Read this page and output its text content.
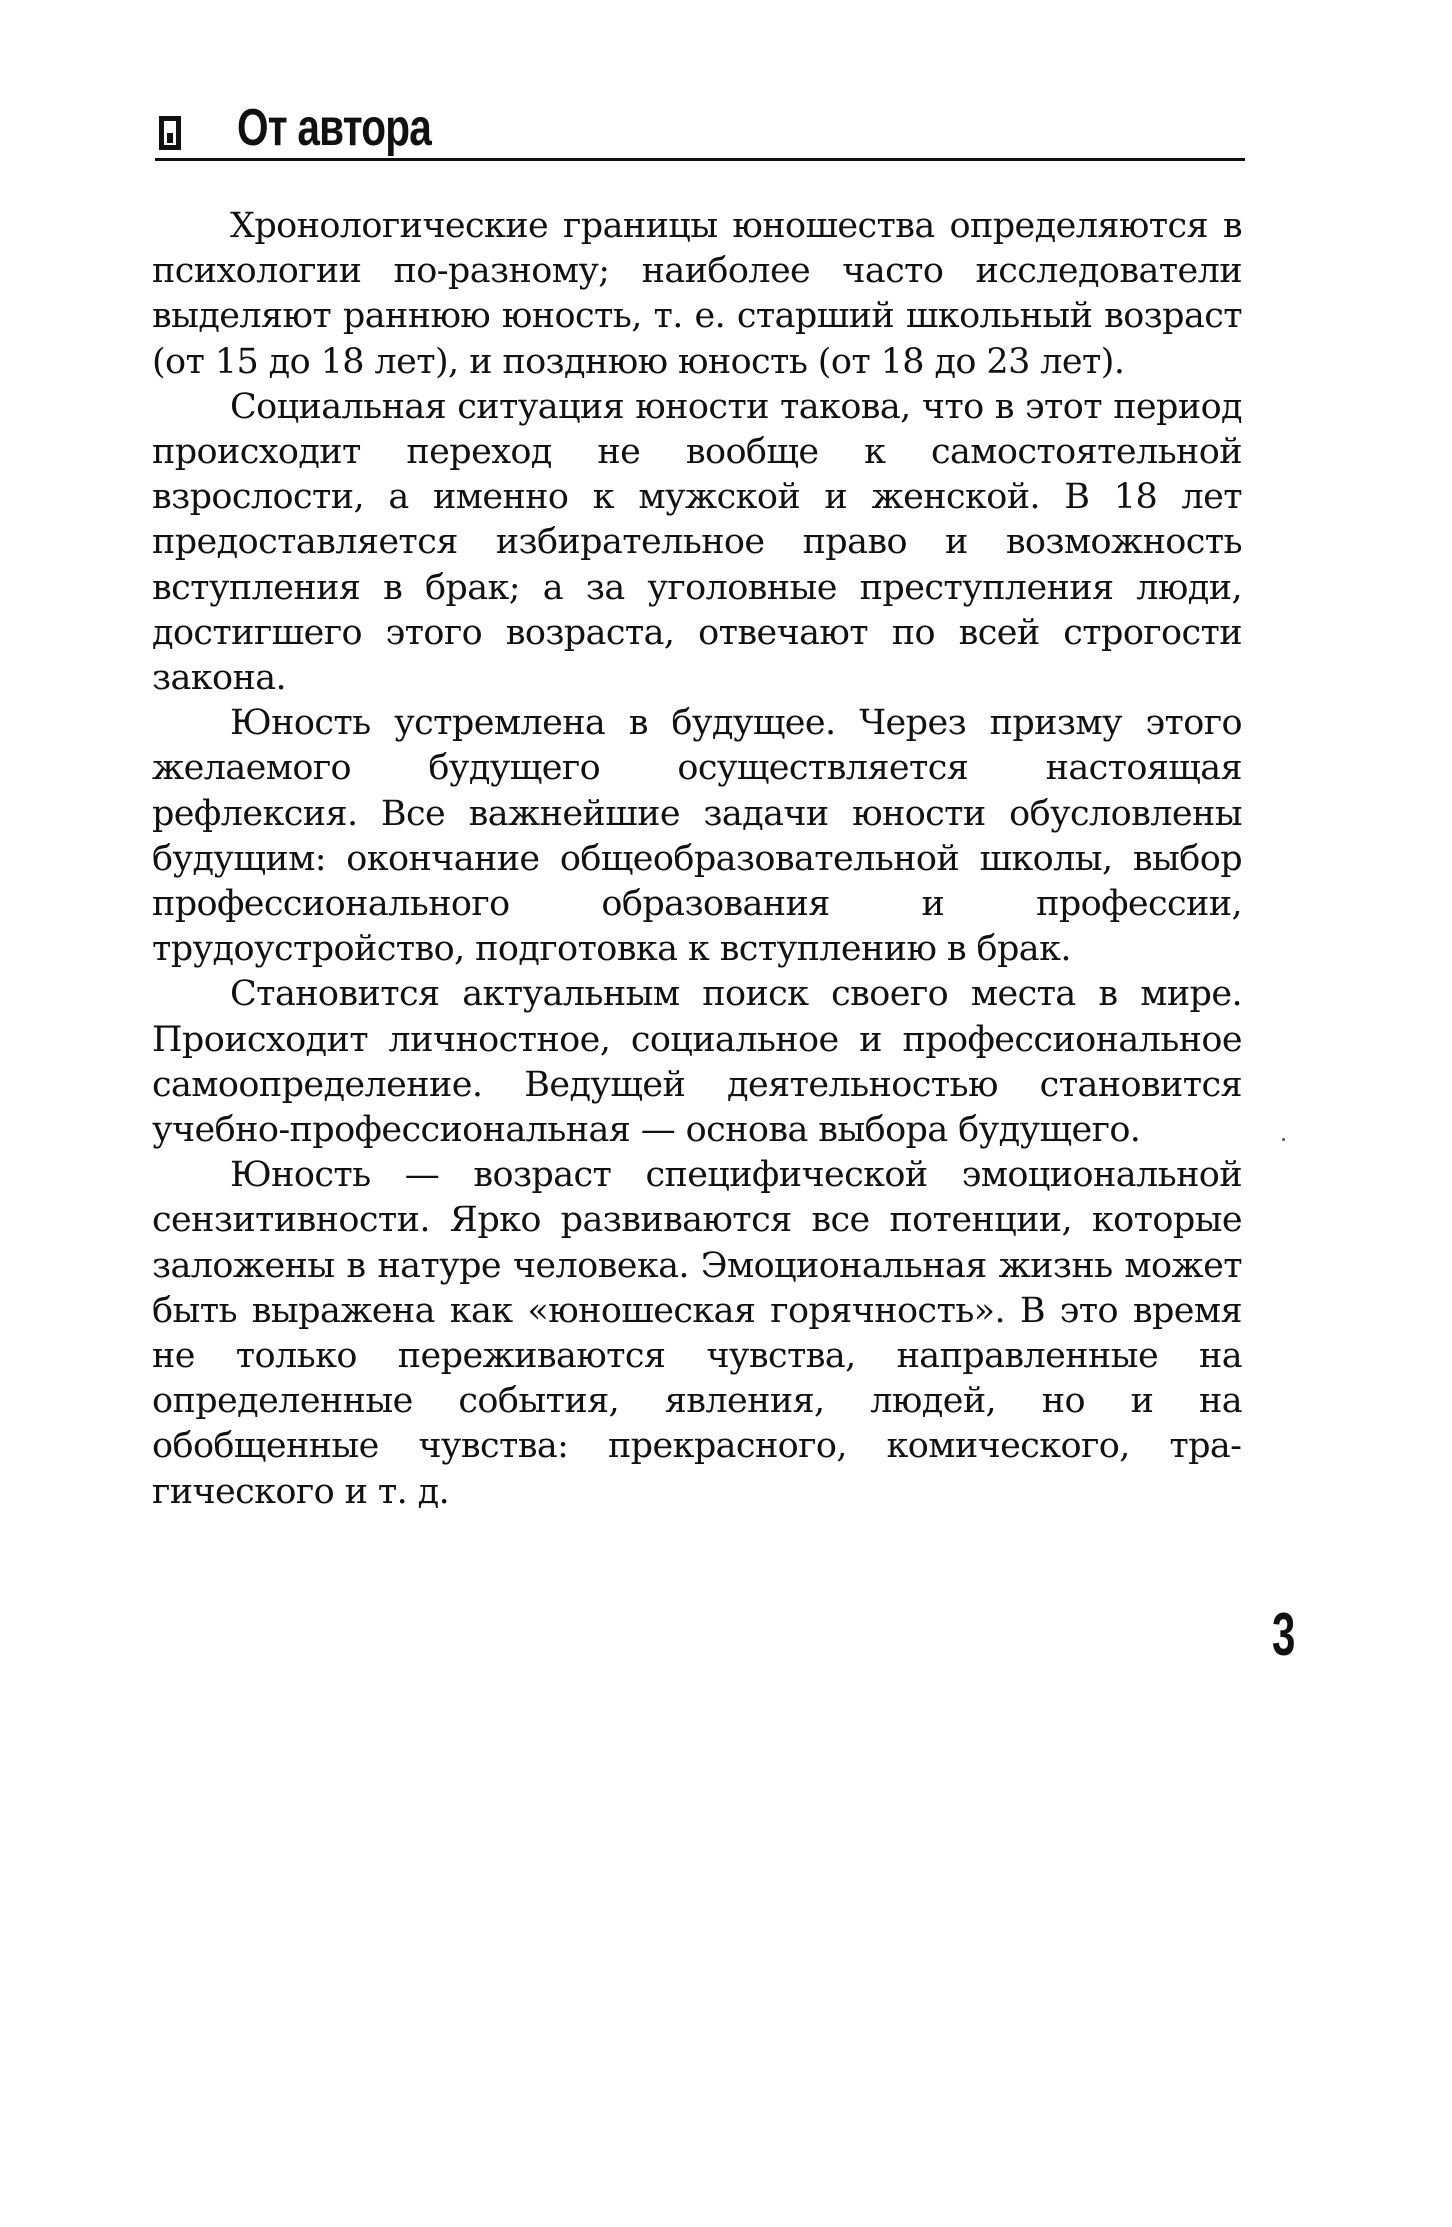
От автора

Хронологические границы юношества определяются в психологии по-разному; наиболее часто исследователи выделяют раннюю юность, т. е. старший школьный возраст (от 15 до 18 лет), и позднюю юность (от 18 до 23 лет).

Социальная ситуация юности такова, что в этот период происходит переход не вообще к самостоятельной взрослости, а именно к мужской и женской. В 18 лет предоставляется избирательное право и возможность вступления в брак; а за уголовные преступления люди, достигшего этого возраста, отвечают по всей строгости закона.

Юность устремлена в будущее. Через призму этого желаемого будущего осуществляется настоящая рефлексия. Все важнейшие задачи юности обусловлены будущим: окончание общеобразовательной школы, выбор профессионального образования и профессии, трудоустройство, подготовка к вступлению в брак.

Становится актуальным поиск своего места в мире. Происходит личностное, социальное и профессиональное самоопределение. Ведущей деятельностью становится учебно-профессиональная — основа выбора будущего.

Юность — возраст специфической эмоциональной сензитивности. Ярко развиваются все потенции, которые заложены в натуре человека. Эмоциональная жизнь может быть выражена как «юношеская горячность». В это время не только переживаются чувства, направленные на определенные события, явления, людей, но и на обобщенные чувства: прекрасного, комического, трагического и т. д.

3
